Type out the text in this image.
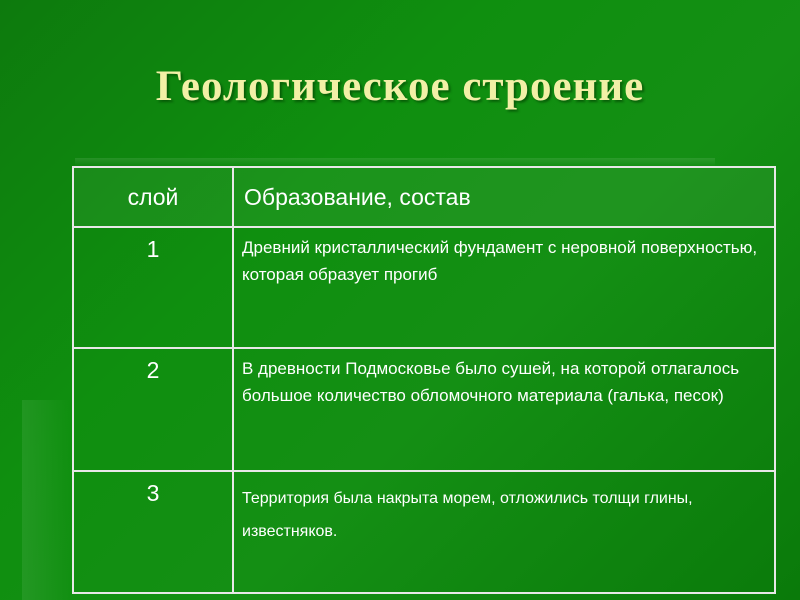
Геологическое строение
слой	Образование, состав
1	Древний кристаллический фундамент с неровной поверхностью, которая образует прогиб
2	В древности Подмосковье было сушей, на которой отлагалось большое количество обломочного материала (галька, песок)
3	Территория была накрыта морем, отложились толщи глины, известняков.
